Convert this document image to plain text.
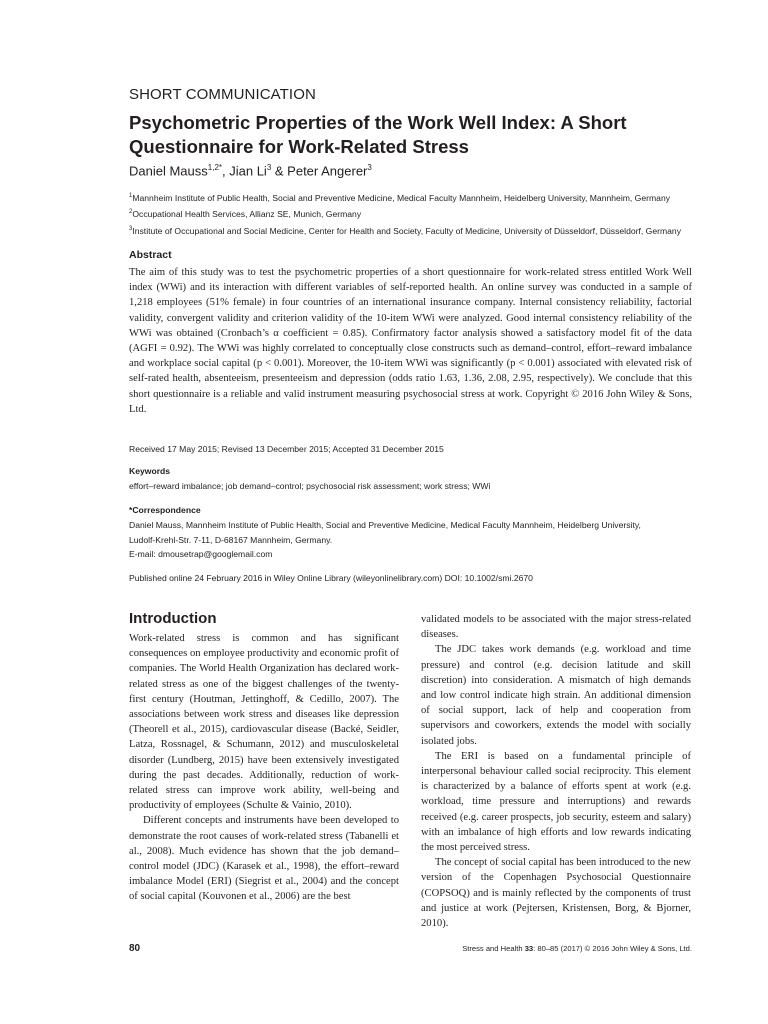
SHORT COMMUNICATION
Psychometric Properties of the Work Well Index: A Short Questionnaire for Work-Related Stress
Daniel Mauss$^{1,2*}$, Jian Li$^3$ & Peter Angerer$^3$
$^1$Mannheim Institute of Public Health, Social and Preventive Medicine, Medical Faculty Mannheim, Heidelberg University, Mannheim, Germany
$^2$Occupational Health Services, Allianz SE, Munich, Germany
$^3$Institute of Occupational and Social Medicine, Center for Health and Society, Faculty of Medicine, University of Düsseldorf, Düsseldorf, Germany
Abstract
The aim of this study was to test the psychometric properties of a short questionnaire for work-related stress entitled Work Well index (WWi) and its interaction with different variables of self-reported health. An online survey was conducted in a sample of 1,218 employees (51% female) in four countries of an international insurance company. Internal consistency reliability, factorial validity, convergent validity and criterion validity of the 10-item WWi were analyzed. Good internal consistency reliability of the WWi was obtained (Cronbach’s α coefficient = 0.85). Confirmatory factor analysis showed a satisfactory model fit of the data (AGFI = 0.92). The WWi was highly correlated to conceptually close constructs such as demand–control, effort–reward imbalance and workplace social capital (p < 0.001). Moreover, the 10-item WWi was significantly (p < 0.001) associated with elevated risk of self-rated health, absenteeism, presenteeism and depression (odds ratio 1.63, 1.36, 2.08, 2.95, respectively). We conclude that this short questionnaire is a reliable and valid instrument measuring psychosocial stress at work. Copyright © 2016 John Wiley & Sons, Ltd.
Received 17 May 2015; Revised 13 December 2015; Accepted 31 December 2015
Keywords
effort–reward imbalance; job demand–control; psychosocial risk assessment; work stress; WWi
*Correspondence
Daniel Mauss, Mannheim Institute of Public Health, Social and Preventive Medicine, Medical Faculty Mannheim, Heidelberg University,
Ludolf-Krehl-Str. 7-11, D-68167 Mannheim, Germany.
E-mail: dmousetrap@googlemail.com
Published online 24 February 2016 in Wiley Online Library (wileyonlinelibrary.com) DOI: 10.1002/smi.2670
Introduction

Work-related stress is common and has significant consequences on employee productivity and economic profit of companies. The World Health Organization has declared work-related stress as one of the biggest challenges of the twenty-first century (Houtman, Jettinghoff, & Cedillo, 2007). The associations between work stress and diseases like depression (Theorell et al., 2015), cardiovascular disease (Backé, Seidler, Latza, Rossnagel, & Schumann, 2012) and musculoskeletal disorder (Lundberg, 2015) have been extensively investigated during the past decades. Additionally, reduction of work-related stress can improve work ability, well-being and productivity of employees (Schulte & Vainio, 2010).

Different concepts and instruments have been developed to demonstrate the root causes of work-related stress (Tabanelli et al., 2008). Much evidence has shown that the job demand–control model (JDC) (Karasek et al., 1998), the effort–reward imbalance Model (ERI) (Siegrist et al., 2004) and the concept of social capital (Kouvonen et al., 2006) are the best

validated models to be associated with the major stress-related diseases.

The JDC takes work demands (e.g. workload and time pressure) and control (e.g. decision latitude and skill discretion) into consideration. A mismatch of high demands and low control indicate high strain. An additional dimension of social support, lack of help and cooperation from supervisors and coworkers, extends the model with socially isolated jobs.

The ERI is based on a fundamental principle of interpersonal behaviour called social reciprocity. This element is characterized by a balance of efforts spent at work (e.g. workload, time pressure and interruptions) and rewards received (e.g. career prospects, job security, esteem and salary) with an imbalance of high efforts and low rewards indicating the most perceived stress.

The concept of social capital has been introduced to the new version of the Copenhagen Psychosocial Questionnaire (COPSOQ) and is mainly reflected by the components of trust and justice at work (Pejtersen, Kristensen, Borg, & Bjorner, 2010).

80	Stress and Health 33: 80–85 (2017) © 2016 John Wiley & Sons, Ltd.
